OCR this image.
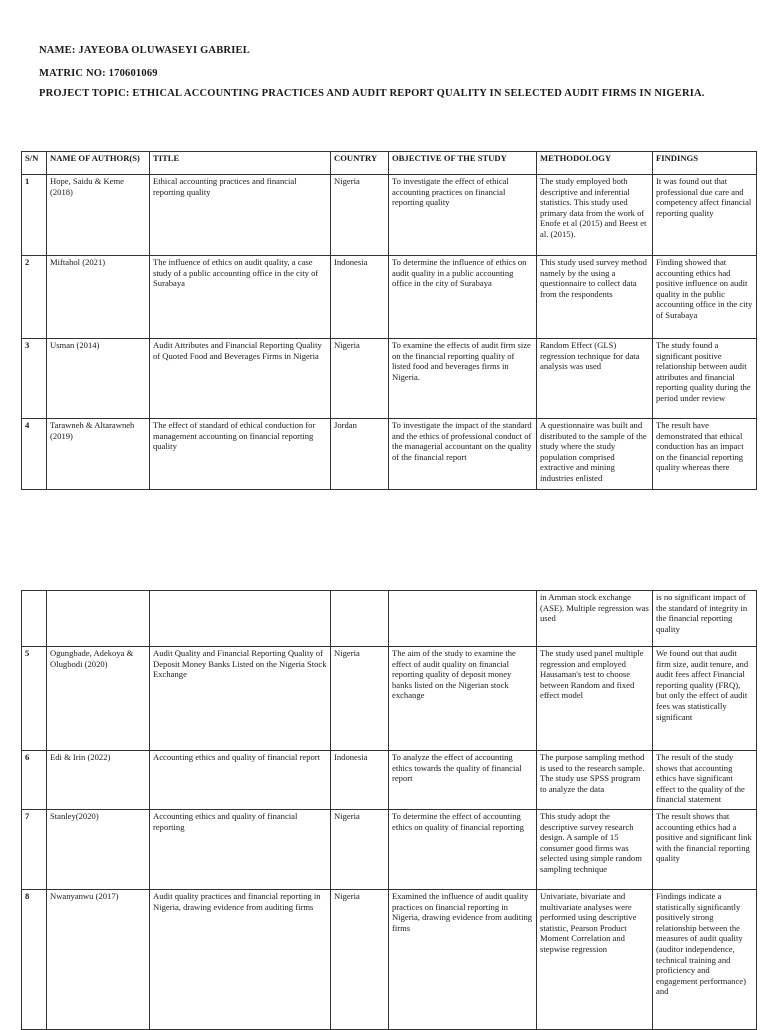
NAME: JAYEOBA OLUWASEYI GABRIEL
MATRIC NO: 170601069
PROJECT TOPIC: ETHICAL ACCOUNTING PRACTICES AND AUDIT REPORT QUALITY IN SELECTED AUDIT FIRMS IN NIGERIA.
S/N	NAME OF AUTHOR(S)	TITLE	COUNTRY	OBJECTIVE OF THE STUDY	METHODOLOGY	FINDINGS
1	Hope, Saidu & Keme (2018)	Ethical accounting practices and financial reporting quality	Nigeria	To investigate the effect of ethical accounting practices on financial reporting quality	The study employed both descriptive and inferential statistics. This study used primary data from the work of Enofe et al (2015) and Beest et al. (2015).	It was found out that professional due care and competency affect financial reporting quality
2	Miftahol (2021)	The influence of ethics on audit quality, a case study of a public accounting office in the city of Surabaya	Indonesia	To determine the influence of ethics on audit quality in a public accounting office in the city of Surabaya	This study used survey method namely by the using a questionnaire to collect data from the respondents	Finding showed that accounting ethics had positive influence on audit quality in the public accounting office in the city of Surabaya
3	Usman (2014)	Audit Attributes and Financial Reporting Quality of Quoted Food and Beverages Firms in Nigeria	Nigeria	To examine the effects of audit firm size on the financial reporting quality of listed food and beverages firms in Nigeria.	Random Effect (GLS) regression technique for data analysis was used	The study found a significant positive relationship between audit attributes and financial reporting quality during the period under review
4	Tarawneh & Altarawneh (2019)	The effect of standard of ethical conduction for management accounting on financial reporting quality	Jordan	To investigate the impact of the standard and the ethics of professional conduct of the managerial accountant on the quality of the financial report	A questionnaire was built and distributed to the sample of the study where the study population comprised extractive and mining industries enlisted	The result have demonstrated that ethical conduction has an impact on the financial reporting quality whereas there
					in Amman stock exchange (ASE). Multiple regression was used	is no significant impact of the standard of integrity in the financial reporting quality
5	Ogungbade, Adekoya & Olugbodi (2020)	Audit Quality and Financial Reporting Quality of Deposit Money Banks Listed on the Nigeria Stock Exchange	Nigeria	The aim of the study to examine the effect of audit quality on financial reporting quality of deposit money banks listed on the Nigerian stock exchange	The study used panel multiple regression and employed Hausaman's test to choose between Random and fixed effect model	We found out that audit firm size, audit tenure, and audit fees affect Financial reporting quality (FRQ), but only the effect of audit fees was statistically significant
6	Edi & Irin (2022)	Accounting ethics and quality of financial report	Indonesia	To analyze the effect of accounting ethics towards the quality of financial report	The purpose sampling method is used to the research sample. The study use SPSS program to analyze the data	The result of the study shows that accounting ethics have significant effect to the quality of the financial statement
7	Stanley(2020)	Accounting ethics and quality of financial reporting	Nigeria	To determine the effect of accounting ethics on quality of financial reporting	This study adopt the descriptive survey research design. A sample of 15 consumer good firms was selected using simple random sampling technique	The result shows that accounting ethics had a positive and significant link with the financial reporting quality
8	Nwanyanwu (2017)	Audit quality practices and financial reporting in Nigeria, drawing evidence from auditing firms	Nigeria	Examined the influence of audit quality practices on financial reporting in Nigeria, drawing evidence from auditing firms	Univariate, bivariate and multivariate analyses were performed using descriptive statistic, Pearson Product Moment Correlation and stepwise regression	Findings indicate a statistically significantly positively strong relationship between the measures of audit quality (auditor independence, technical training and proficiency and engagement performance) and
